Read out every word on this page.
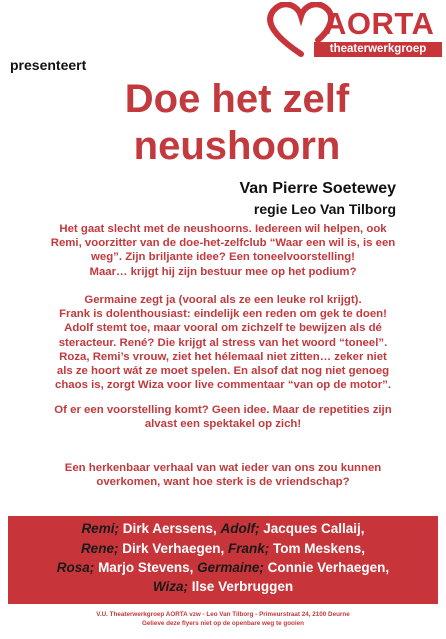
AORTA
theaterwerkgroep
presenteert
Doe het zelf
neushoorn
Van Pierre Soetewey
regie Leo Van Tilborg
Het gaat slecht met de neushoorns. Iedereen wil helpen, ook
Remi, voorzitter van de doe-het-zelfclub “Waar een wil is, is een
weg”. Zijn briljante idee? Een toneelvoorstelling!
Maar… krijgt hij zijn bestuur mee op het podium?
Germaine zegt ja (vooral als ze een leuke rol krijgt).
Frank is dolenthousiast: eindelijk een reden om gek te doen!
Adolf stemt toe, maar vooral om zichzelf te bewijzen als dé
steracteur. René? Die krijgt al stress van het woord “toneel”.
Roza, Remi’s vrouw, ziet het hélemaal niet zitten… zeker niet
als ze hoort wát ze moet spelen. En alsof dat nog niet genoeg
chaos is, zorgt Wiza voor live commentaar “van op de motor”.
Of er een voorstelling komt? Geen idee. Maar de repetities zijn
alvast een spektakel op zich!
Een herkenbaar verhaal van wat ieder van ons zou kunnen
overkomen, want hoe sterk is de vriendschap?
Remi; Dirk Aerssens, Adolf; Jacques Callaij,
Rene; Dirk Verhaegen, Frank; Tom Meskens,
Rosa; Marjo Stevens, Germaine; Connie Verhaegen,
Wiza; Ilse Verbruggen
V.U. Theaterwerkgroep AORTA vzw - Leo Van Tilborg - Primeurstraat 24, 2100 Deurne
Gelieve deze flyers niet op de openbare weg te gooien
